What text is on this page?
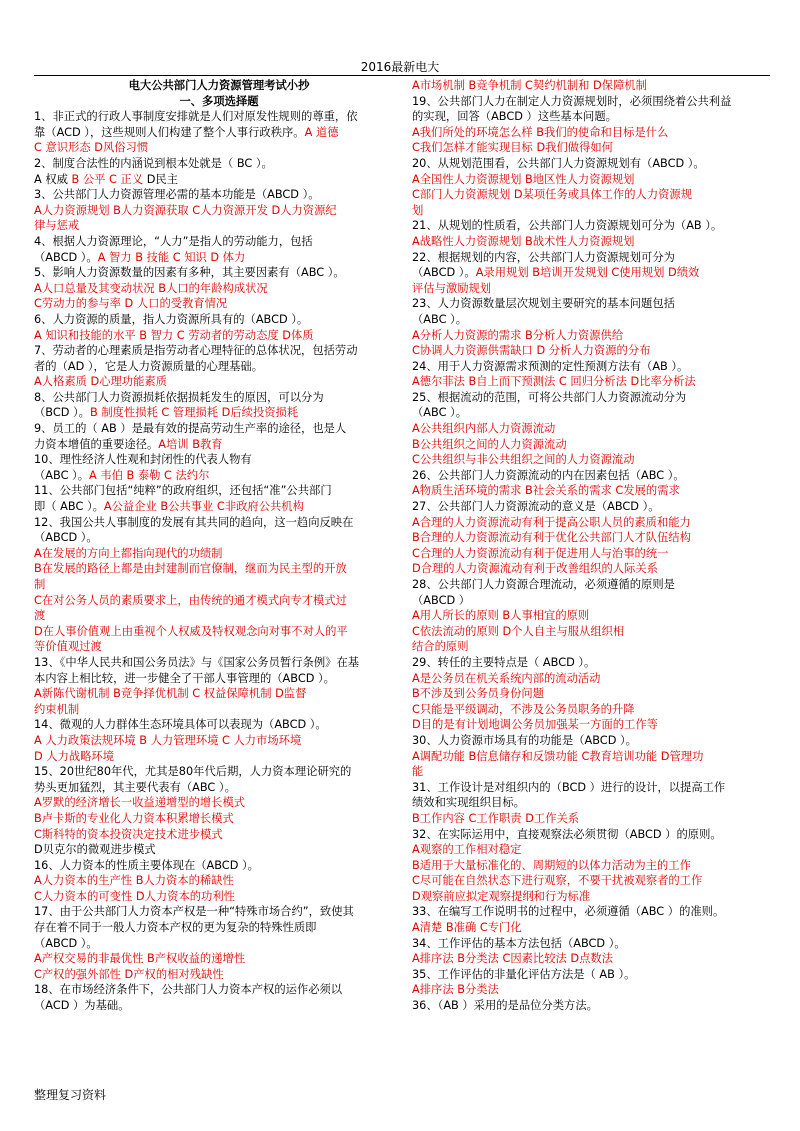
2016最新电大
电大公共部门人力资源管理考试小抄
一、多项选择题
1、非正式的行政人事制度安排就是人们对原发性规则的尊重，依
靠（ACD ），这些规则人们构建了整个人事行政秩序。A 道德
C 意识形态 D风俗习惯
2、制度合法性的内涵说到根本处就是（ BC ）。
A 权威 B 公平 C 正义 D民主
3、公共部门人力资源管理必需的基本功能是（ABCD ）。
A人力资源规划 B人力资源获取 C人力资源开发 D人力资源纪
律与惩戒
4、根据人力资源理论，“人力”是指人的劳动能力，包括
（ABCD ）。A 智力 B 技能 C 知识 D 体力
5、影响人力资源数量的因素有多种，其主要因素有（ABC ）。
A人口总量及其变动状况 B人口的年龄构成状况
C劳动力的参与率 D 人口的受教育情况
6、人力资源的质量，指人力资源所具有的（ABCD ）。
A 知识和技能的水平 B 智力 C 劳动者的劳动态度 D体质
7、劳动者的心理素质是指劳动者心理特征的总体状况，包括劳动
者的（AD ），它是人力资源质量的心理基础。
A人格素质 D心理功能素质
8、公共部门人力资源损耗依据损耗发生的原因，可以分为
（BCD ）。B 制度性损耗 C 管理损耗 D后续投资损耗
9、员工的（ AB ）是最有效的提高劳动生产率的途径，也是人
力资本增值的重要途径。A培训 B教育
10、理性经济人性观和封闭性的代表人物有
（ABC ）。A 韦伯 B 泰勒 C 法约尔
11、公共部门包括“纯粹”的政府组织，还包括“准”公共部门
即（ ABC ）。A公益企业 B公共事业 C非政府公共机构
12、我国公共人事制度的发展有其共同的趋向，这一趋向反映在
（ABCD ）。
A在发展的方向上都指向现代的功绩制
B在发展的路径上都是由封建制而官僚制，继而为民主型的开放
制
C在对公务人员的素质要求上，由传统的通才模式向专才模式过
渡
D在人事价值观上由重视个人权威及特权观念向对事不对人的平
等价值观过渡
13、《中华人民共和国公务员法》与《国家公务员暂行条例》在基
本内容上相比较，进一步健全了干部人事管理的（ABCD ）。
A新陈代谢机制 B竞争择优机制 C 权益保障机制 D监督
约束机制
14、微观的人力群体生态环境具体可以表现为（ABCD ）。
A 人力政策法规环境 B 人力管理环境 C 人力市场环境
D 人力战略环境
15、20世纪80年代，尤其是80年代后期，人力资本理论研究的
势头更加猛烈，其主要代表有（ABC ）。
A罗默的经济增长一收益递增型的增长模式
B卢卡斯的专业化人力资本积累增长模式
C斯科特的资本投资决定技术进步模式
D贝克尔的微观进步模式
16、人力资本的性质主要体现在（ABCD ）。
A人力资本的生产性 B人力资本的稀缺性
C人力资本的可变性 D人力资本的功利性
17、由于公共部门人力资本产权是一种“特殊市场合约”，致使其
存在着不同于一般人力资本产权的更为复杂的特殊性质即
（ABCD ）。
A产权交易的非最优性 B产权收益的递增性
C产权的强外部性 D产权的相对残缺性
18、在市场经济条件下，公共部门人力资本产权的运作必须以
（ACD ）为基础。
A市场机制 B竞争机制 C契约机制和 D保障机制
19、公共部门人力在制定人力资源规划时，必须围绕着公共利益
的实现，回答（ABCD ）这些基本问题。
A我们所处的环境怎么样 B我们的使命和目标是什么
C我们怎样才能实现目标 D我们做得如何
20、从规划范围看，公共部门人力资源规划有（ABCD ）。
A全国性人力资源规划 B地区性人力资源规划
C部门人力资源规划 D某项任务或具体工作的人力资源规
划
21、从规划的性质看，公共部门人力资源规划可分为（AB ）。
A战略性人力资源规划 B战术性人力资源规划
22、根据规划的内容，公共部门人力资源规划可分为
（ABCD ）。A录用规划 B培训开发规划 C使用规划 D绩效
评估与激励规划
23、人力资源数量层次规划主要研究的基本问题包括
（ABC ）。
A分析人力资源的需求 B分析人力资源供给
C协调人力资源供需缺口 D 分析人力资源的分布
24、用于人力资源需求预测的定性预测方法有（AB ）。
A德尔菲法 B自上而下预测法 C 回归分析法 D比率分析法
25、根据流动的范围，可将公共部门人力资源流动分为
（ABC ）。
A公共组织内部人力资源流动
B公共组织之间的人力资源流动
C公共组织与非公共组织之间的人力资源流动
26、公共部门人力资源流动的内在因素包括（ABC ）。
A物质生活环境的需求 B社会关系的需求 C发展的需求
27、公共部门人力资源流动的意义是（ABCD ）。
A合理的人力资源流动有利于提高公职人员的素质和能力
B合理的人力资源流动有利于优化公共部门人才队伍结构
C合理的人力资源流动有利于促进用人与治事的统一
D合理的人力资源流动有利于改善组织的人际关系
28、公共部门人力资源合理流动，必须遵循的原则是
（ABCD ）
A用人所长的原则 B人事相宜的原则
C依法流动的原则 D个人自主与服从组织相
结合的原则
29、转任的主要特点是（ ABCD ）。
A是公务员在机关系统内部的流动活动
B不涉及到公务员身份问题
C只能是平级调动，不涉及公务员职务的升降
D目的是有计划地调公务员加强某一方面的工作等
30、人力资源市场具有的功能是（ABCD ）。
A调配功能 B信息储存和反馈功能 C教育培训功能 D管理功
能
31、工作设计是对组织内的（BCD ）进行的设计，以提高工作
绩效和实现组织目标。
B工作内容 C工作职责 D工作关系
32、在实际运用中，直接观察法必须贯彻（ABCD ）的原则。
A观察的工作相对稳定
B适用于大量标准化的、周期短的以体力活动为主的工作
C尽可能在自然状态下进行观察，不要干扰被观察者的工作
D观察前应拟定观察提纲和行为标准
33、在编写工作说明书的过程中，必须遵循（ABC ）的准则。
A清楚 B准确 C专门化
34、工作评估的基本方法包括（ABCD ）。
A排序法 B分类法 C因素比较法 D点数法
35、工作评估的非量化评估方法是（ AB ）。
A排序法 B分类法
36、（AB ）采用的是品位分类方法。
整理复习资料
